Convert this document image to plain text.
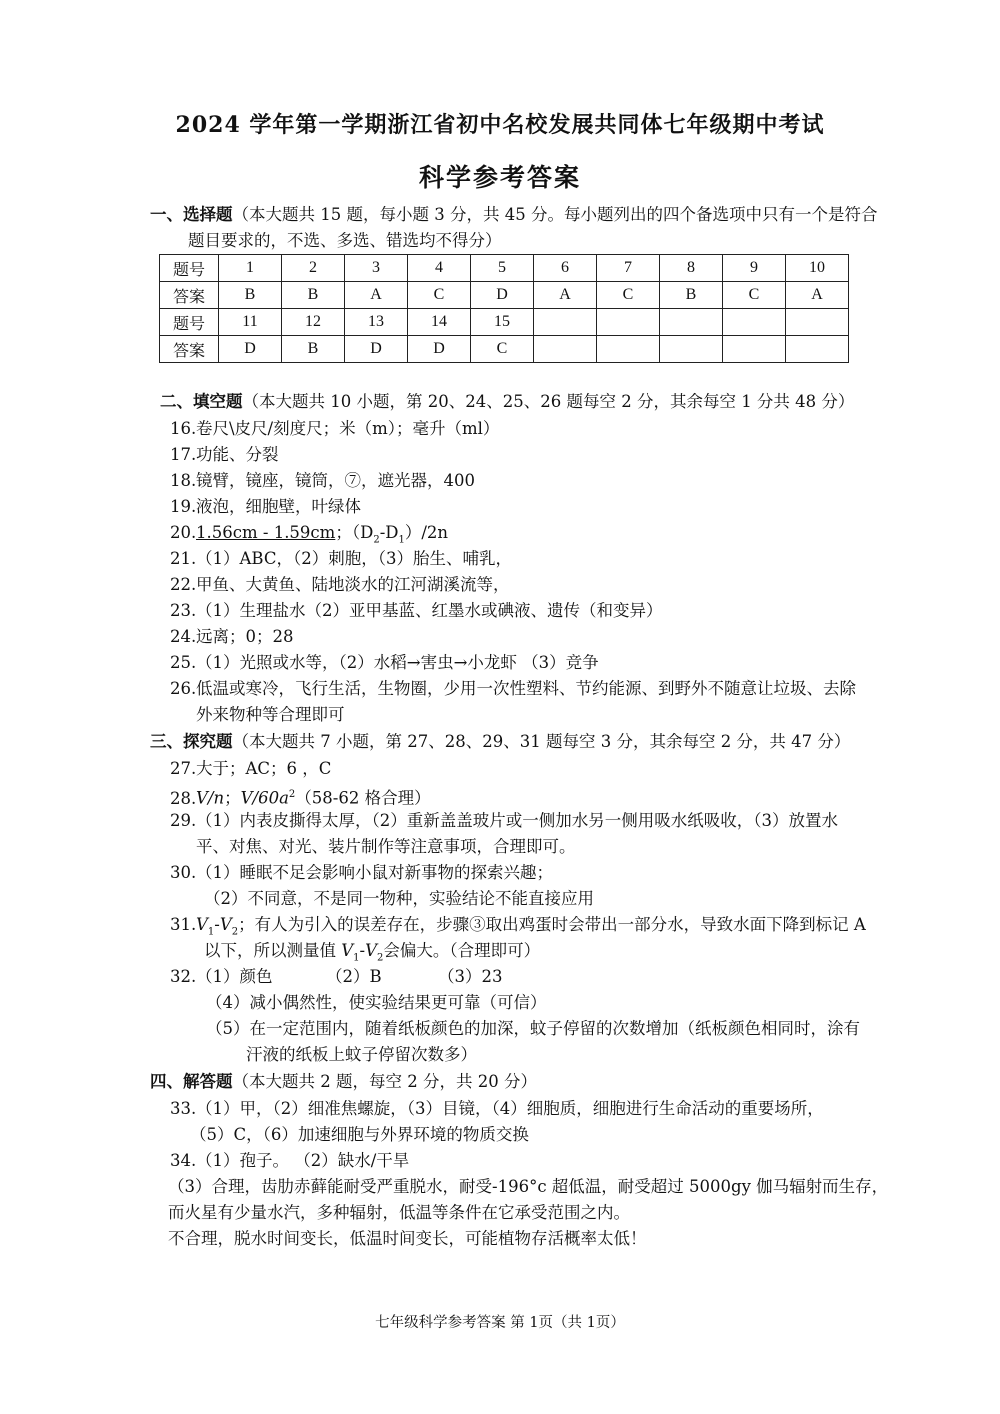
2024 学年第一学期浙江省初中名校发展共同体七年级期中考试
科学参考答案
一、选择题（本大题共 15 题，每小题 3 分，共 45 分。每小题列出的四个备选项中只有一个是符合
题目要求的，不选、多选、错选均不得分）
题号	1	2	3	4	5	6	7	8	9	10
答案	B	B	A	C	D	A	C	B	C	A
题号	11	12	13	14	15					
答案	D	B	D	D	C					
二、填空题（本大题共 10 小题，第 20、24、25、26 题每空 2 分，其余每空 1 分共 48 分）
16.卷尺\皮尺/刻度尺；米（m）；毫升（ml）
17.功能、分裂
18.镜臂，镜座，镜筒，⑦，遮光器，400
19.液泡，细胞壁，叶绿体
20.1.56cm - 1.59cm；$(D_2-D_1)/2n$
21.（1）ABC，（2）刺胞，（3）胎生、哺乳，
22.甲鱼、大黄鱼、陆地淡水的江河湖溪流等，
23.（1）生理盐水（2）亚甲基蓝、红墨水或碘液、遗传（和变异）
24.远离；0；28
25.（1）光照或水等，（2）水稻→害虫→小龙虾 （3）竞争
26.低温或寒冷，飞行生活，生物圈，少用一次性塑料、节约能源、到野外不随意让垃圾、去除
外来物种等合理即可
三、探究题（本大题共 7 小题，第 27、28、29、31 题每空 3 分，其余每空 2 分，共 47 分）
27.大于；AC；6 ，C
28.V/n；$V/60a^2(58-62$ 格合理）
29.（1）内表皮撕得太厚，（2）重新盖盖玻片或一侧加水另一侧用吸水纸吸收，（3）放置水
平、对焦、对光、装片制作等注意事项，合理即可。
30.（1）睡眠不足会影响小鼠对新事物的探索兴趣；
（2）不同意，不是同一物种，实验结论不能直接应用
$31.V_1-V_2$；有人为引入的误差存在，步骤③取出鸡蛋时会带出一部分水，导致水面下降到标记 A
以下，所以测量值 $V_1-V_2$会偏大。（合理即可）
32.（1）颜色	（2）B	（3）23
（4）减小偶然性，使实验结果更可靠（可信）
（5）在一定范围内，随着纸板颜色的加深，蚊子停留的次数增加（纸板颜色相同时，涂有
汗液的纸板上蚊子停留次数多）
四、解答题（本大题共 2 题，每空 2 分，共 20 分）
33.（1）甲，（2）细准焦螺旋，（3）目镜，（4）细胞质，细胞进行生命活动的重要场所，
（5）C，（6）加速细胞与外界环境的物质交换
34.（1）孢子。 （2）缺水/干旱
（3）合理，齿肋赤藓能耐受严重脱水，耐受-196°c 超低温，耐受超过 5000gy 伽马辐射而生存，
而火星有少量水汽，多种辐射，低温等条件在它承受范围之内。
不合理，脱水时间变长，低温时间变长，可能植物存活概率太低！
七年级科学参考答案 第 1页（共 1页）
